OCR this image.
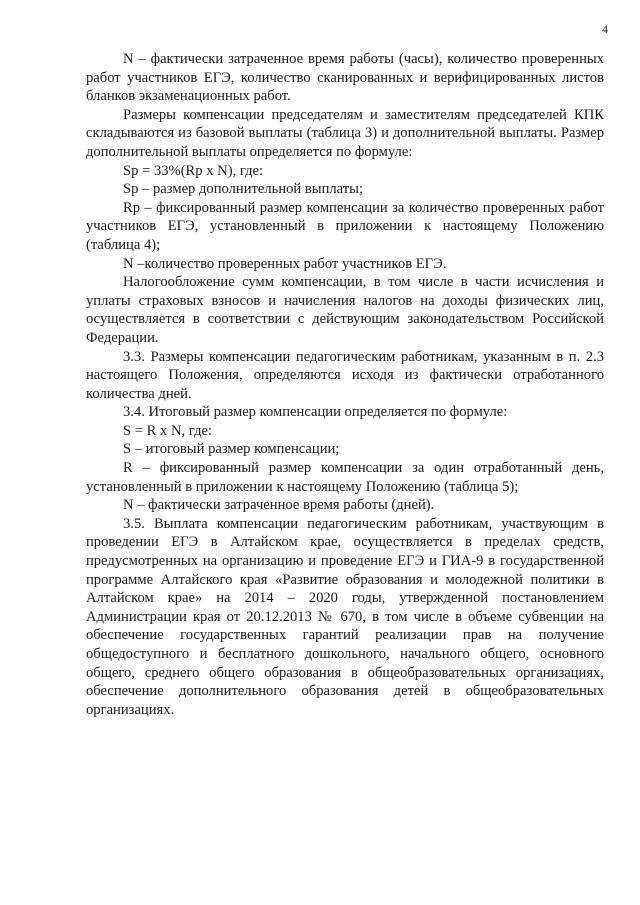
4

N – фактически затраченное время работы (часы), количество проверенных работ участников ЕГЭ, количество сканированных и верифицированных листов бланков экзаменационных работ.

Размеры компенсации председателям и заместителям председателей КПК складываются из базовой выплаты (таблица 3) и дополнительной выплаты. Размер дополнительной выплаты определяется по формуле:

Sp = 33%(Rp x N), где:

Sp – размер дополнительной выплаты;

Rp – фиксированный размер компенсации за количество проверенных работ участников ЕГЭ, установленный в приложении к настоящему Положению (таблица 4);

N –количество проверенных работ участников ЕГЭ.

Налогообложение сумм компенсации, в том числе в части исчисления и уплаты страховых взносов и начисления налогов на доходы физических лиц, осуществляется в соответствии с действующим законодательством Российской Федерации.

3.3. Размеры компенсации педагогическим работникам, указанным в п. 2.3 настоящего Положения, определяются исходя из фактически отработанного количества дней.

3.4. Итоговый размер компенсации определяется по формуле:

S = R x N, где:

S – итоговый размер компенсации;

R – фиксированный размер компенсации за один отработанный день, установленный в приложении к настоящему Положению (таблица 5);

N – фактически затраченное время работы (дней).

3.5. Выплата компенсации педагогическим работникам, участвующим в проведении ЕГЭ в Алтайском крае, осуществляется в пределах средств, предусмотренных на организацию и проведение ЕГЭ и ГИА-9 в государственной программе Алтайского края «Развитие образования и молодежной политики в Алтайском крае» на 2014 – 2020 годы, утвержденной постановлением Администрации края от 20.12.2013 № 670, в том числе в объеме субвенции на обеспечение государственных гарантий реализации прав на получение общедоступного и бесплатного дошкольного, начального общего, основного общего, среднего общего образования в общеобразовательных организациях, обеспечение дополнительного образования детей в общеобразовательных организациях.
